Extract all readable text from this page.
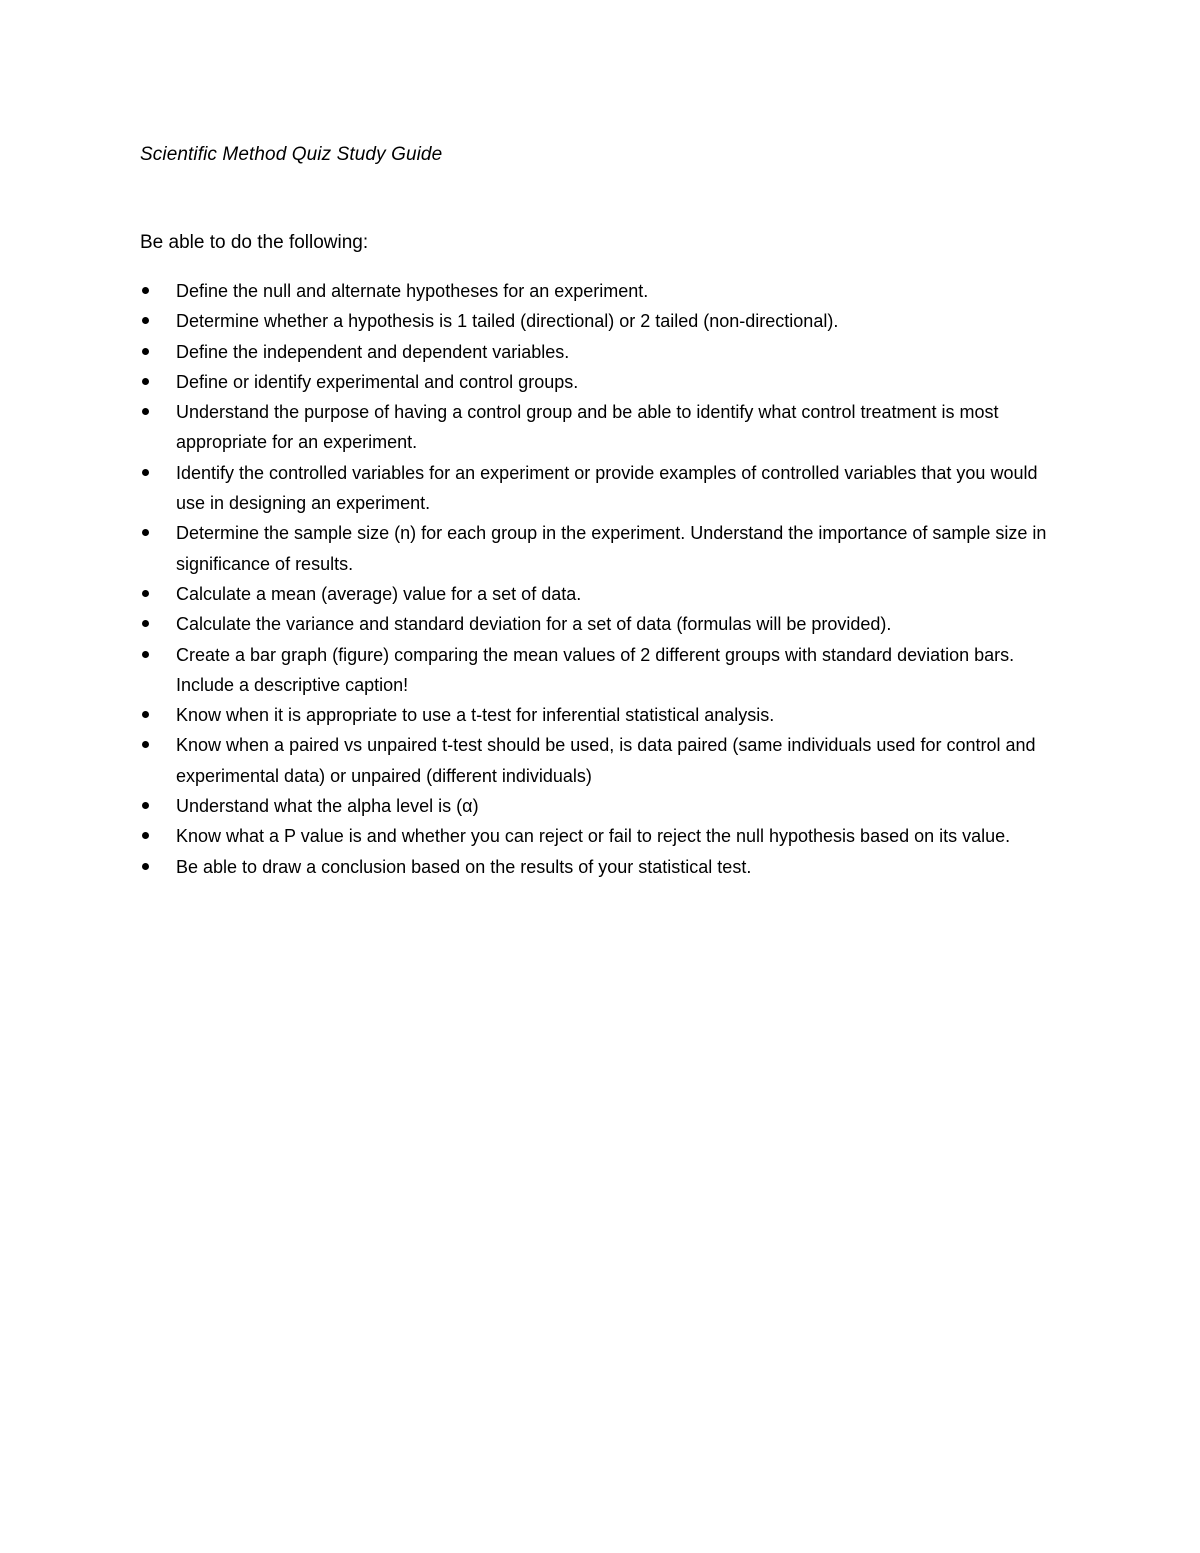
Scientific Method Quiz Study Guide
Be able to do the following:
Define the null and alternate hypotheses for an experiment.
Determine whether a hypothesis is 1 tailed (directional) or 2 tailed (non-directional).
Define the independent and dependent variables.
Define or identify experimental and control groups.
Understand the purpose of having a control group and be able to identify what control treatment is most appropriate for an experiment.
Identify the controlled variables for an experiment or provide examples of controlled variables that you would use in designing an experiment.
Determine the sample size (n) for each group in the experiment. Understand the importance of sample size in significance of results.
Calculate a mean (average) value for a set of data.
Calculate the variance and standard deviation for a set of data (formulas will be provided).
Create a bar graph (figure) comparing the mean values of 2 different groups with standard deviation bars. Include a descriptive caption!
Know when it is appropriate to use a t-test for inferential statistical analysis.
Know when a paired vs unpaired t-test should be used, is data paired (same individuals used for control and experimental data) or unpaired (different individuals)
Understand what the alpha level is (α)
Know what a P value is and whether you can reject or fail to reject the null hypothesis based on its value.
Be able to draw a conclusion based on the results of your statistical test.
